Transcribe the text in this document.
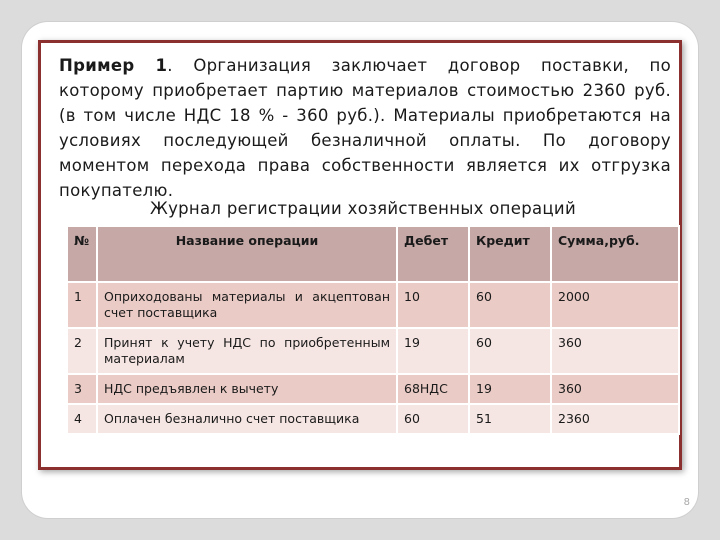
Пример 1. Организация заключает договор поставки, по которому приобретает партию материалов стоимостью 2360 руб. (в том числе НДС 18 % - 360 руб.). Материалы приобретаются на условиях последующей безналичной оплаты. По договору моментом перехода права собственности является их отгрузка покупателю.
Журнал регистрации хозяйственных операций
№	Название операции	Дебет	Кредит	Сумма,руб.
1	Оприходованы материалы и акцептован счет поставщика	10	60	2000
2	Принят к учету НДС по приобретенным материалам	19	60	360
3	НДС предъявлен к вычету	68НДС	19	360
4	Оплачен безналично счет поставщика	60	51	2360
8
